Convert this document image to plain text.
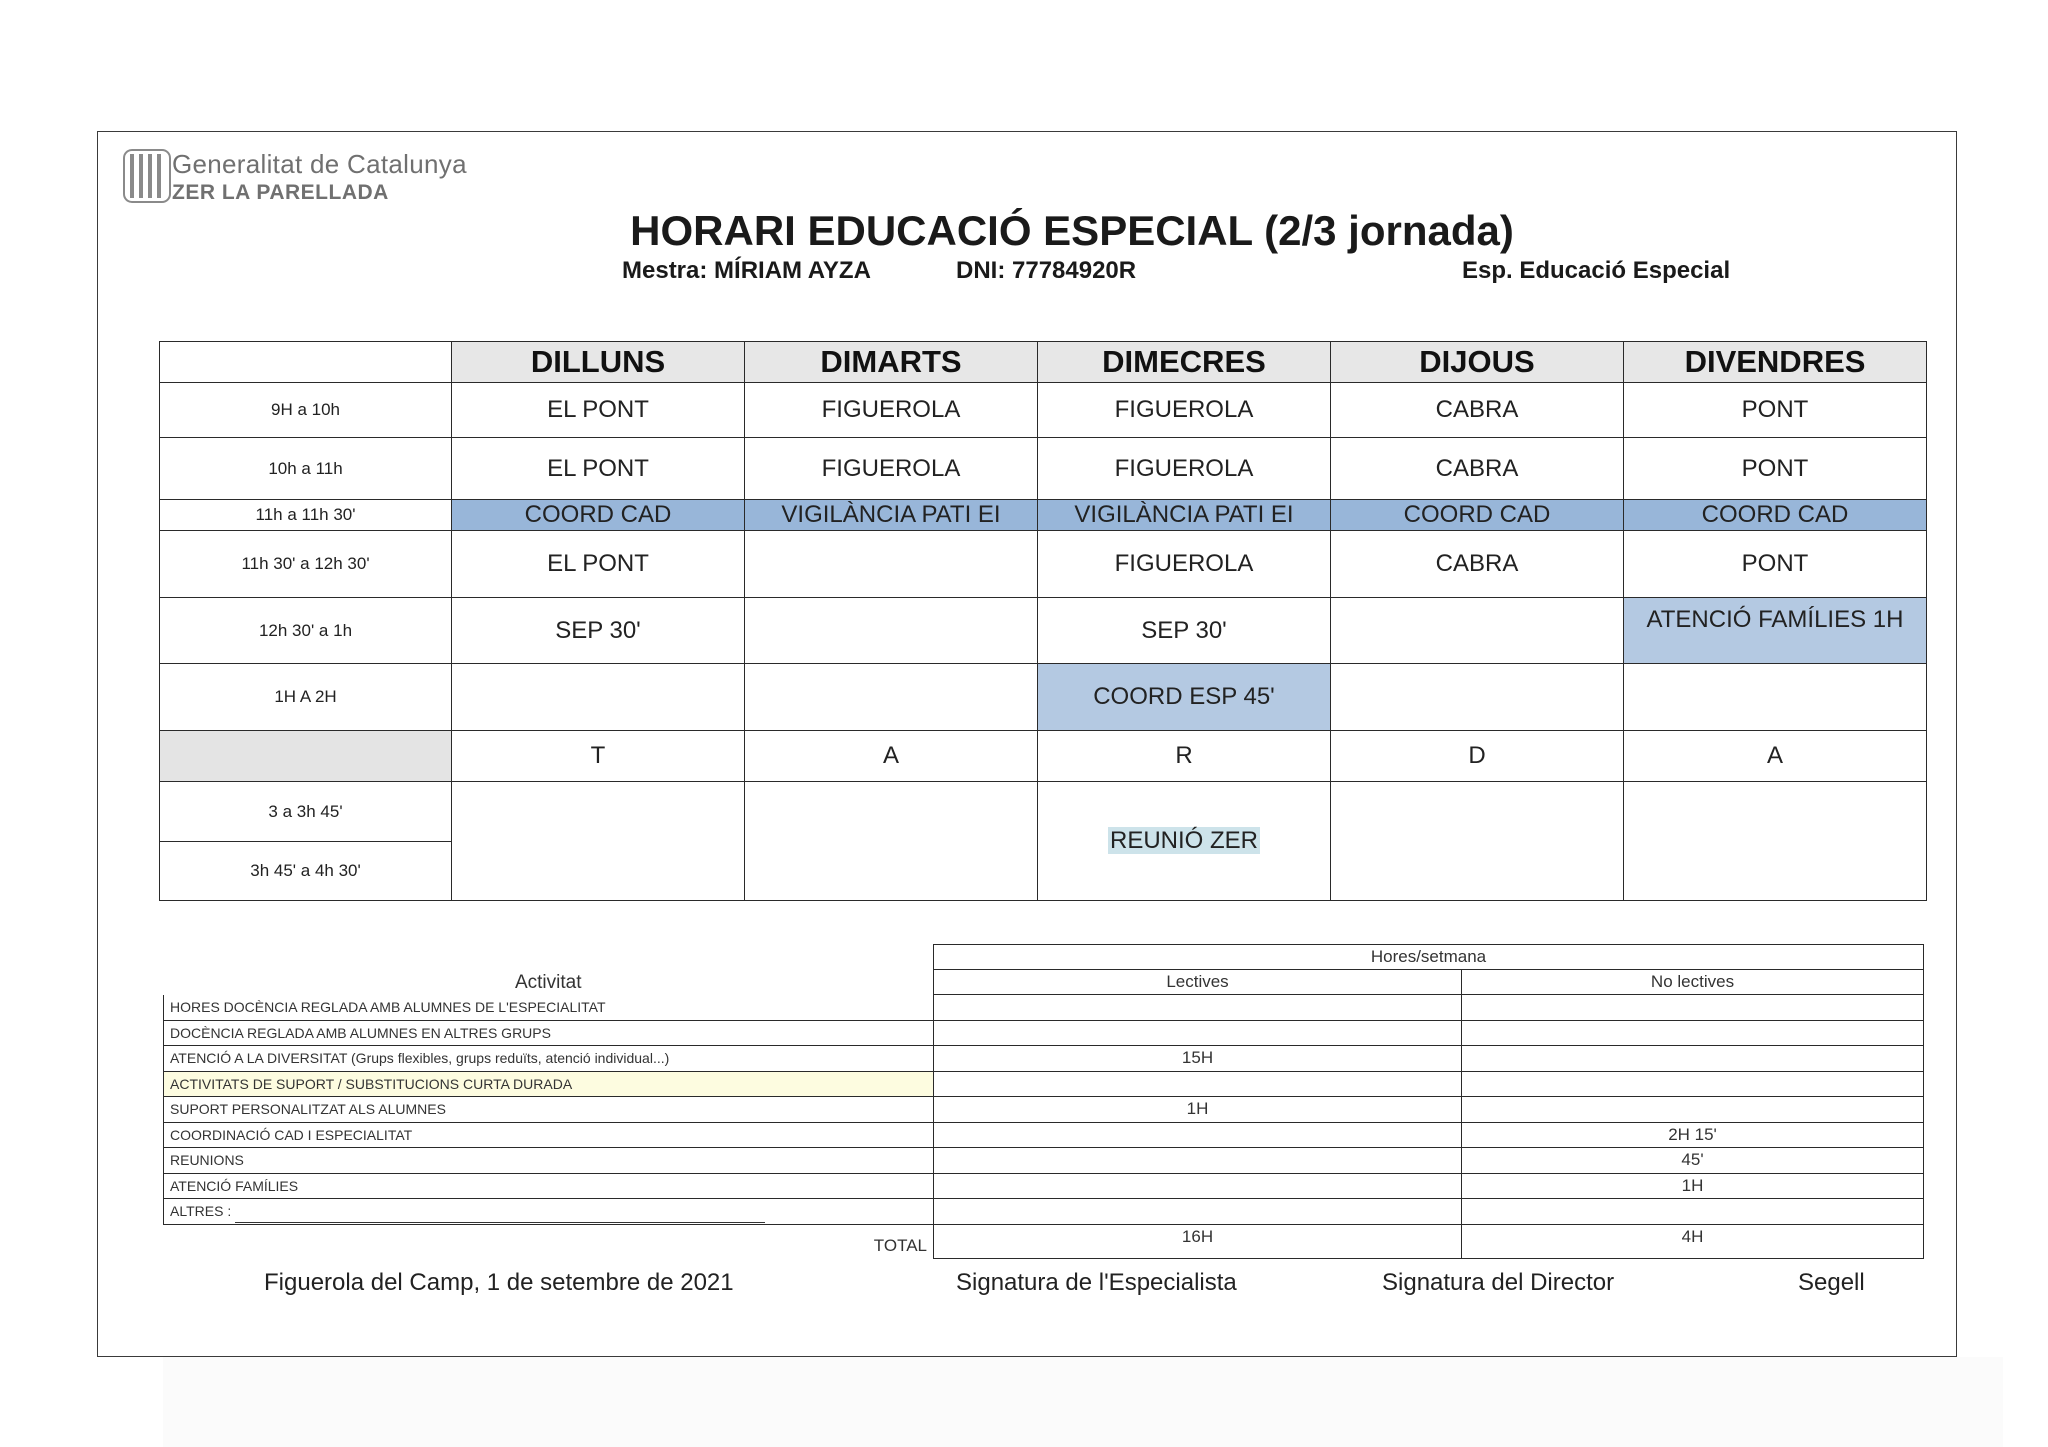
Generalitat de Catalunya
ZER LA PARELLADA
HORARI EDUCACIÓ ESPECIAL (2/3 jornada)
Mestra: MÍRIAM AYZA	DNI: 77784920R	Esp. Educació Especial
	DILLUNS	DIMARTS	DIMECRES	DIJOUS	DIVENDRES
9H a 10h	EL PONT	FIGUEROLA	FIGUEROLA	CABRA	PONT
10h a 11h	EL PONT	FIGUEROLA	FIGUEROLA	CABRA	PONT
11h a 11h 30'	COORD CAD	VIGILÀNCIA PATI EI	VIGILÀNCIA PATI EI	COORD CAD	COORD CAD
11h 30' a 12h 30'	EL PONT		FIGUEROLA	CABRA	PONT
12h 30' a 1h	SEP 30'		SEP 30'		ATENCIÓ FAMÍLIES 1H
1H A 2H			COORD ESP 45'		
	T	A	R	D	A

3 a 3h 45'
3h 45' a 4h 30'			REUNIÓ ZER		
Activitat	Hores/setmana	
	Lectives	No lectives
HORES DOCÈNCIA REGLADA AMB ALUMNES DE L'ESPECIALITAT		
DOCÈNCIA REGLADA AMB ALUMNES EN ALTRES GRUPS		
ATENCIÓ A LA DIVERSITAT (Grups flexibles, grups reduïts, atenció individual...)	15H	
ACTIVITATS DE SUPORT / SUBSTITUCIONS CURTA DURADA		
SUPORT PERSONALITZAT ALS ALUMNES	1H	
COORDINACIÓ CAD I ESPECIALITAT		2H 15'
REUNIONS		45'
ATENCIÓ FAMÍLIES		1H
ALTRES :		
TOTAL	16H	4H
Figuerola del Camp, 1 de setembre de 2021	Signatura de l'Especialista	Signatura del Director	Segell
